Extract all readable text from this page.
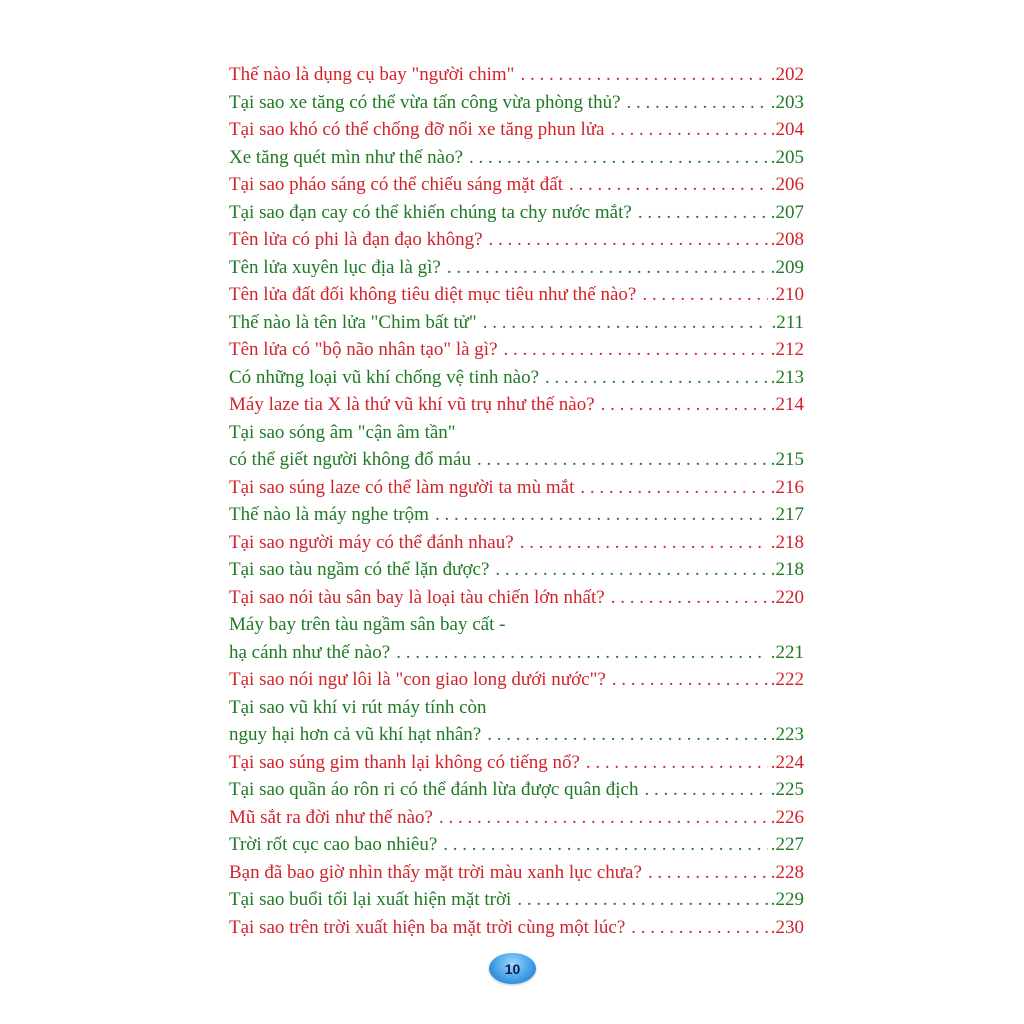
Thế nào là dụng cụ bay "người chim" . . .	.202
Tại sao xe tăng có thể vừa tấn công vừa phòng thủ? . . .	.203
Tại sao khó có thể chống đỡ nổi xe tăng phun lửa . . .	.204
Xe tăng quét mìn như thế nào? . . .	.205
Tại sao pháo sáng có thể chiếu sáng mặt đất . . .	.206
Tại sao đạn cay có thể khiến chúng ta chy nước mắt? . . .	.207
Tên lửa có phi là đạn đạo không? . . .	.208
Tên lửa xuyên lục địa là gì? . . .	.209
Tên lửa đất đối không tiêu diệt mục tiêu như thế nào? . . .	.210
Thế nào là tên lửa "Chim bất tử" . . .	.211
Tên lửa có "bộ não nhân tạo" là gì? . . .	.212
Có những loại vũ khí chống vệ tinh nào? . . .	.213
Máy laze tia X là thứ vũ khí vũ trụ như thế nào? . . .	.214
Tại sao sóng âm "cận âm tần"
có thể giết người không đổ máu . . .	.215
Tại sao súng laze có thể làm người ta mù mắt . . .	.216
Thế nào là máy nghe trộm . . .	.217
Tại sao người máy có thể đánh nhau? . . .	.218
Tại sao tàu ngầm có thể lặn được? . . .	.218
Tại sao nói tàu sân bay là loại tàu chiến lớn nhất? . . .	.220
Máy bay trên tàu ngầm sân bay cất -
hạ cánh như thế nào? . . .	.221
Tại sao nói ngư lôi là "con giao long dưới nước"? . . .	.222
Tại sao vũ khí vi rút máy tính còn
nguy hại hơn cả vũ khí hạt nhân? . . .	.223
Tại sao súng gim thanh lại không có tiếng nổ? . . .	.224
Tại sao quần áo rôn ri có thể đánh lừa được quân địch . . .	.225
Mũ sắt ra đời như thế nào? . . .	.226
Trời rốt cục cao bao nhiêu? . . .	.227
Bạn đã bao giờ nhìn thấy mặt trời màu xanh lục chưa? . . .	.228
Tại sao buổi tối lại xuất hiện mặt trời . . .	.229
Tại sao trên trời xuất hiện ba mặt trời cùng một lúc? . . .	.230
10
